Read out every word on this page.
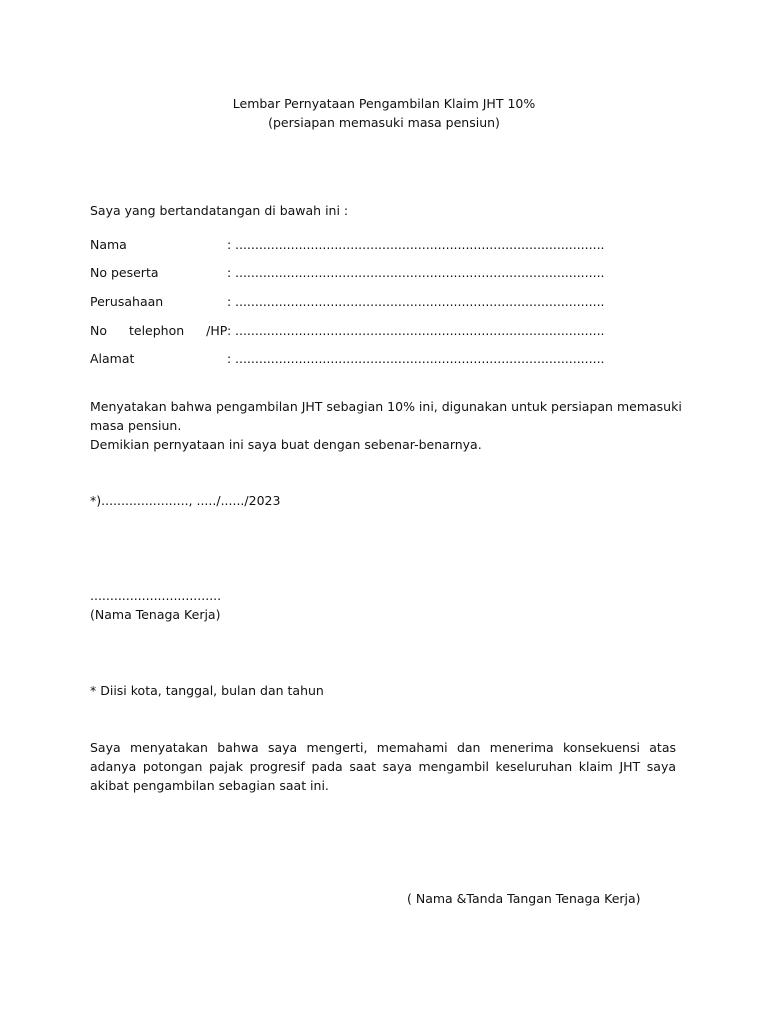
Lembar Pernyataan Pengambilan Klaim JHT 10%
(persiapan memasuki masa pensiun)
Saya yang bertandatangan di bawah ini :
Nama	: .............................................................................................
No peserta	: .............................................................................................
Perusahaan	: .............................................................................................
No telephon /HP : .............................................................................................
Alamat	: .............................................................................................
Menyatakan bahwa pengambilan JHT sebagian 10% ini, digunakan untuk persiapan memasuki
masa pensiun.
Demikian pernyataan ini saya buat dengan sebenar-benarnya.
*)......................, ...../....../2023
.................................
(Nama Tenaga Kerja)
* Diisi kota, tanggal, bulan dan tahun
Saya menyatakan bahwa saya mengerti, memahami dan menerima konsekuensi atas adanya potongan pajak progresif pada saat saya mengambil keseluruhan klaim JHT saya akibat pengambilan sebagian saat ini.
( Nama &Tanda Tangan Tenaga Kerja)
